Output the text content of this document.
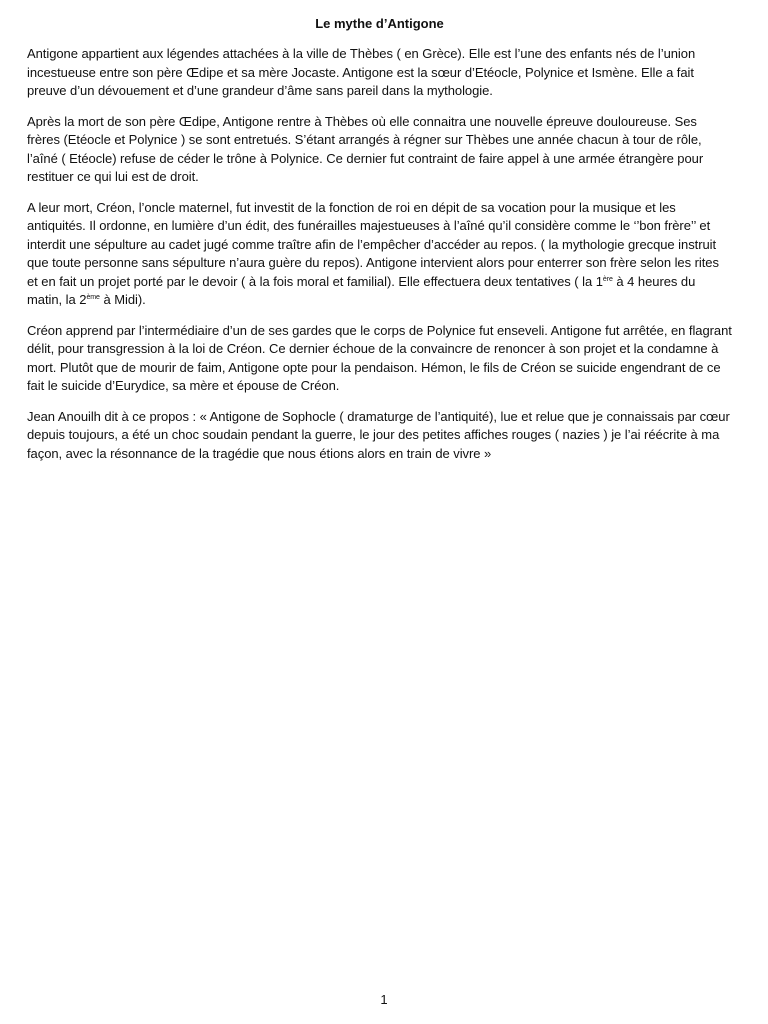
Le mythe d’Antigone

Antigone appartient aux légendes attachées à la ville de Thèbes ( en Grèce). Elle est l’une des enfants nés de l’union incestueuse entre son père Œdipe et sa mère Jocaste. Antigone est la sœur d’Etéocle, Polynice et Ismène. Elle a fait preuve d’un dévouement et d’une grandeur d’âme sans pareil dans la mythologie.

Après la mort de son père Œdipe, Antigone rentre à Thèbes où elle connaitra une nouvelle épreuve douloureuse. Ses frères (Etéocle et Polynice ) se sont entretués. S’étant arrangés à régner sur Thèbes une année chacun à tour de rôle, l’aîné ( Etéocle) refuse de céder le trône à Polynice. Ce dernier fut contraint de faire appel à une armée étrangère pour restituer ce qui lui est de droit.

A leur mort, Créon, l’oncle maternel, fut investit de la fonction de roi en dépit de sa vocation pour la musique et les antiquités. Il ordonne, en lumière d’un édit, des funérailles majestueuses à l’aîné qu’il considère comme le ‘’bon frère’’ et interdit une sépulture au cadet jugé comme traître afin de l’empêcher d’accéder au repos. ( la mythologie grecque instruit que toute personne sans sépulture n’aura guère du repos). Antigone intervient alors pour enterrer son frère selon les rites et en fait un projet porté par le devoir ( à la fois moral et familial). Elle effectuera deux tentatives ( la 1ère à 4 heures du matin, la 2ème à Midi).

Créon apprend par l’intermédiaire d’un de ses gardes que le corps de Polynice fut enseveli. Antigone fut arrêtée, en flagrant délit, pour transgression à la loi de Créon. Ce dernier échoue de la convaincre de renoncer à son projet et la condamne à mort. Plutôt que de mourir de faim, Antigone opte pour la pendaison. Hémon, le fils de Créon se suicide engendrant de ce fait le suicide d’Eurydice, sa mère et épouse de Créon.

Jean Anouilh dit à ce propos : « Antigone de Sophocle ( dramaturge de l’antiquité), lue et relue que je connaissais par cœur depuis toujours, a été un choc soudain pendant la guerre, le jour des petites affiches rouges ( nazies ) je l’ai réécrite à ma façon, avec la résonnance de la tragédie que nous étions alors en train de vivre »

1
